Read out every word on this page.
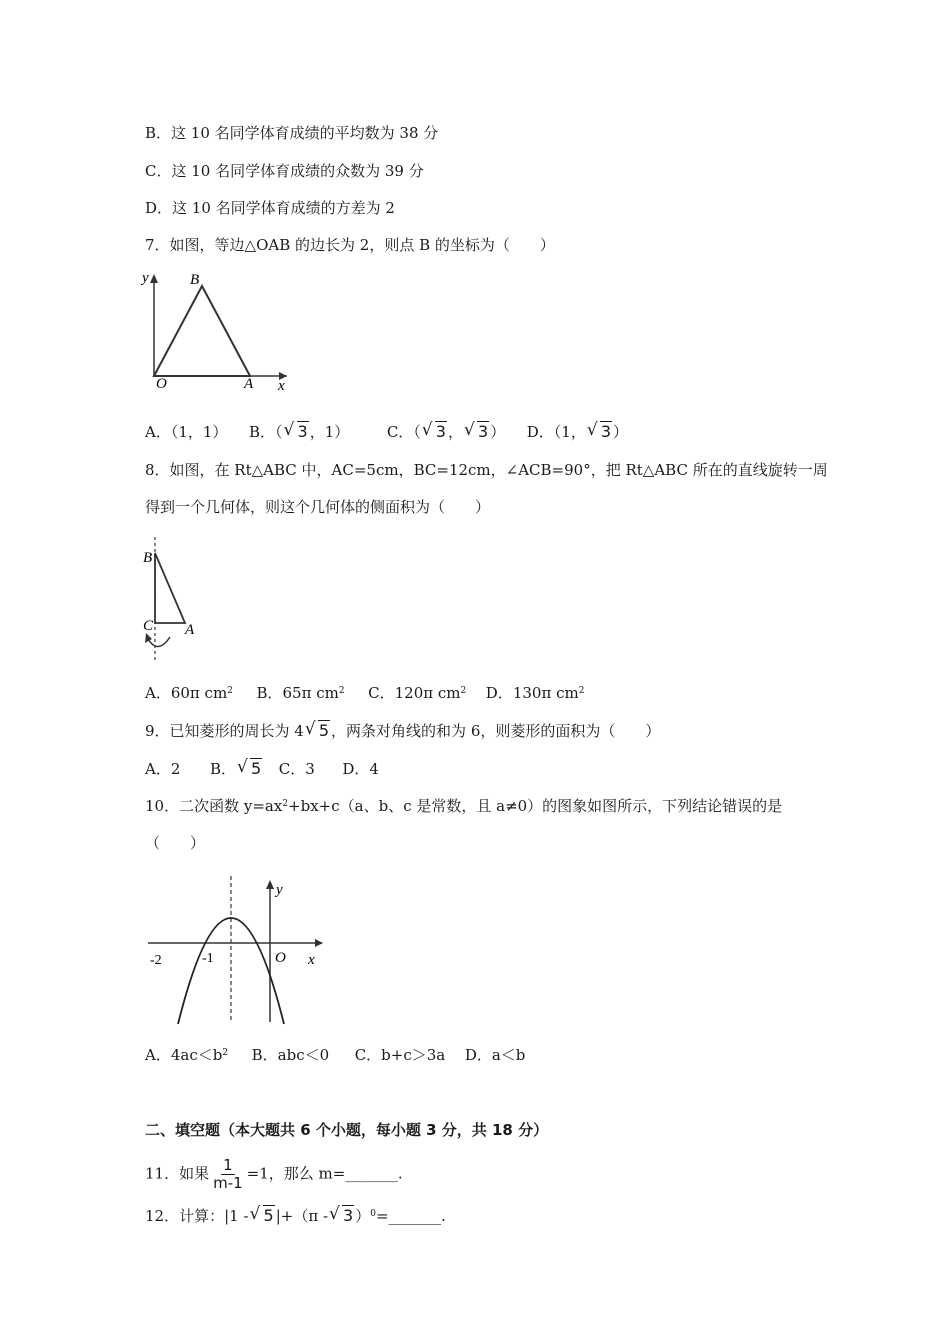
B．这 10 名同学体育成绩的平均数为 38 分
C．这 10 名同学体育成绩的众数为 39 分
D．这 10 名同学体育成绩的方差为 2
7．如图，等边△OAB 的边长为 2，则点 B 的坐标为（　　）
y
x
O	A
B
A．（1，1） B．（ √ 3 ，1）	C．（ √ 3 ， √ 3 ） D．（1， √ 3 ）
8．如图，在 Rt△ABC 中，AC=5cm，BC=12cm，∠ACB=90°，把 Rt△ABC 所在的直线旋转一周
得到一个几何体，则这个几何体的侧面积为（　　）
B
C A
A．60π $cm^2$ B．65π $cm^2$ C．120π $cm^2$ D．130π $cm^2$
9．已知菱形的周长为 4 √ 5 ，两条对角线的和为 6，则菱形的面积为（　　）
A．2 B． √ 5 C．3 D．4
10．二次函数 $y=ax^2+bx+c(a$、b、c 是常数，且 a≠0）的图象如图所示，下列结论错误的是
（　　）
-2	-1	O x
y
A．$4ac<b^2$ B．abc＜0 C．b+c＞3a D．a＜b
二、填空题（本大题共 6 个小题，每小题 3 分，共 18 分）
11．如果 $\frac{1}{m-1} =1$，那么 m=_______.
12．计算：|1 - √ 5 |+（π - √ 3 ）$^0$=_______.
